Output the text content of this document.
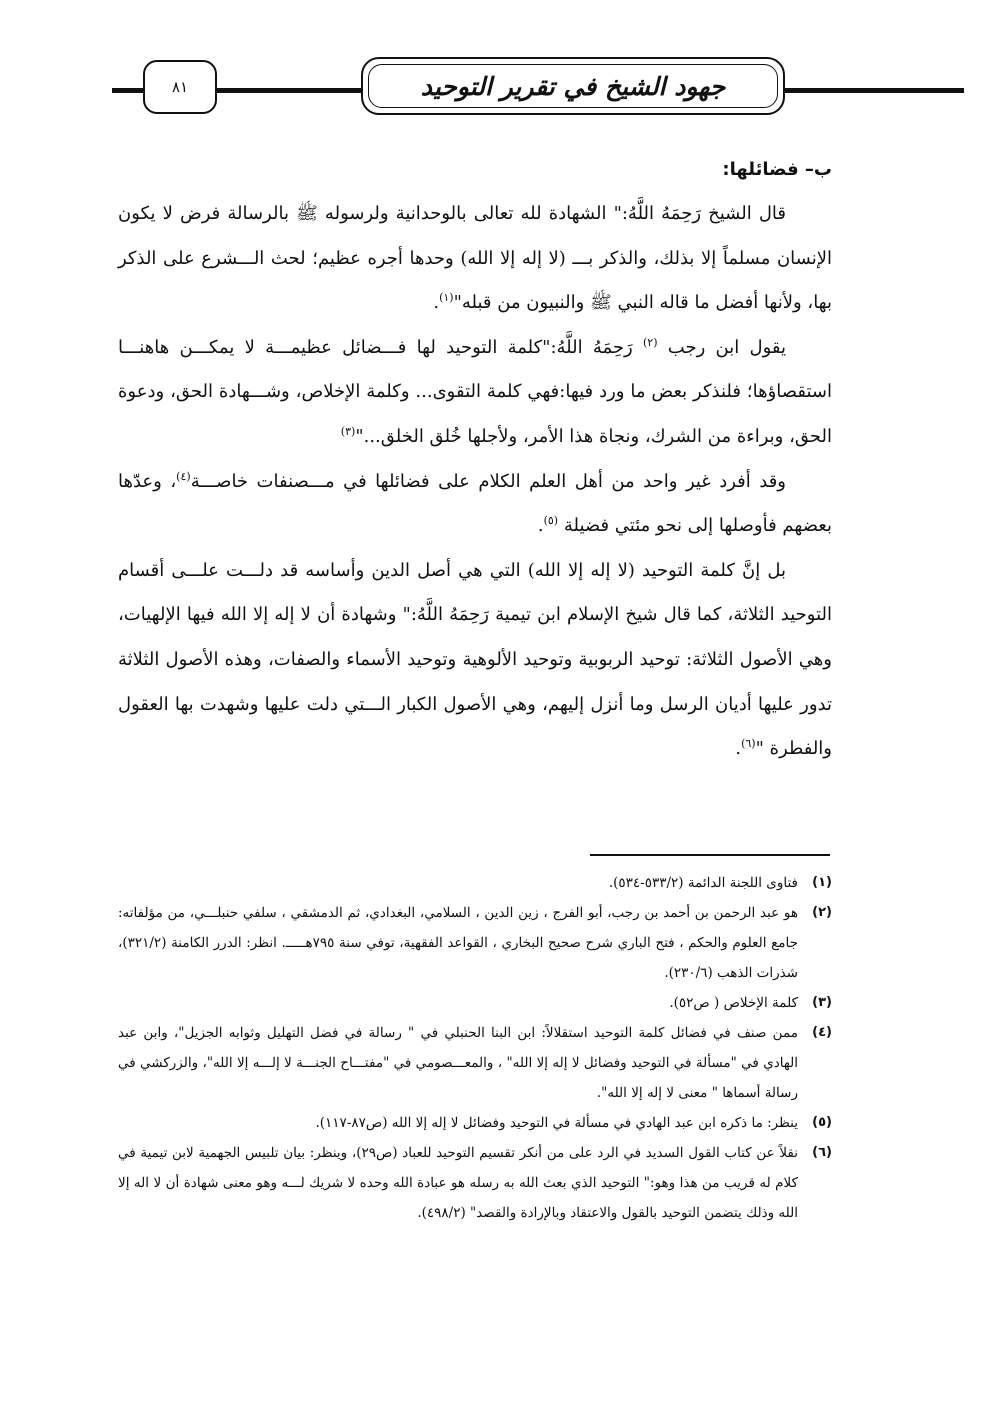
٨١	جهود الشيخ في تقرير التوحيد
ب– فضائلها:

قال الشيخ رَحِمَهُ اللَّهُ:" الشهادة لله تعالى بالوحدانية ولرسوله ﷺ بالرسالة فرض لا يكون الإنسان مسلماً إلا بذلك، والذكر بـــ (لا إله إلا الله) وحدها أجره عظيم؛ لحث الـــشرع على الذكر بها، ولأنها أفضل ما قاله النبي ﷺ والنبيون من قبله"$^{(١)}$.

يقول ابن رجب $^{(٢)}$ رَحِمَهُ اللَّهُ:"كلمة التوحيد لها فـــضائل عظيمـــة لا يمكـــن هاهنـــا استقصاؤها؛ فلنذكر بعض ما ورد فيها:فهي كلمة التقوى... وكلمة الإخلاص، وشـــهادة الحق، ودعوة الحق، وبراءة من الشرك، ونجاة هذا الأمر، ولأجلها خُلق الخلق..."$^{(٣)}$

وقد أفرد غير واحد من أهل العلم الكلام على فضائلها في مـــصنفات خاصـــة$^{(٤)}$، وعدّها بعضهم فأوصلها إلى نحو مئتي فضيلة $^{(٥)}$.

بل إنَّ كلمة التوحيد (لا إله إلا الله) التي هي أصل الدين وأساسه قد دلـــت علـــى أقسام التوحيد الثلاثة، كما قال شيخ الإسلام ابن تيمية رَحِمَهُ اللَّهُ:" وشهادة أن لا إله إلا الله فيها الإلهيات، وهي الأصول الثلاثة: توحيد الربوبية وتوحيد الألوهية وتوحيد الأسماء والصفات، وهذه الأصول الثلاثة تدور عليها أديان الرسل وما أنزل إليهم، وهي الأصول الكبار الـــتي دلت عليها وشهدت بها العقول والفطرة "$^{(٦)}$.

(١)
فتاوى اللجنة الدائمة (٥٣٣/٢-٥٣٤).
(٢)
هو عبد الرحمن بن أحمد بن رجب، أبو الفرج ، زين الدين ، السلامي، البغدادي، ثم الدمشقي ، سلفي حنبلـــي، من مؤلفاته: جامع العلوم والحكم ، فتح الباري شرح صحيح البخاري ، القواعد الفقهية، توفي سنة ٧٩٥هـــــ. انظر: الدرر الكامنة (٣٢١/٢)، شذرات الذهب (٢٣٠/٦).
(٣)
كلمة الإخلاص ( ص٥٢).
(٤)
ممن صنف في فضائل كلمة التوحيد استقلالاً: ابن البنا الحنبلي في " رسالة في فضل التهليل وثوابه الجزيل"، وابن عبد الهادي في "مسألة في التوحيد وفضائل لا إله إلا الله" ، والمعـــصومي في "مفتـــاح الجنـــة لا إلـــه إلا الله"، والزركشي في رسالة أسماها " معنى لا إله إلا الله".
(٥)
ينظر: ما ذكره ابن عبد الهادي في مسألة في التوحيد وفضائل لا إله إلا الله (ص٨٧-١١٧).
(٦)
نقلاً عن كتاب القول السديد في الرد على من أنكر تقسيم التوحيد للعباد (ص٢٩)، وينظر: بيان تلبيس الجهمية لابن تيمية في كلام له قريب من هذا وهو:" التوحيد الذي بعث الله به رسله هو عبادة الله وحده لا شريك لـــه وهو معنى شهادة أن لا اله إلا الله وذلك يتضمن التوحيد بالقول والاعتقاد وبالإرادة والقصد" (٤٩٨/٢).
